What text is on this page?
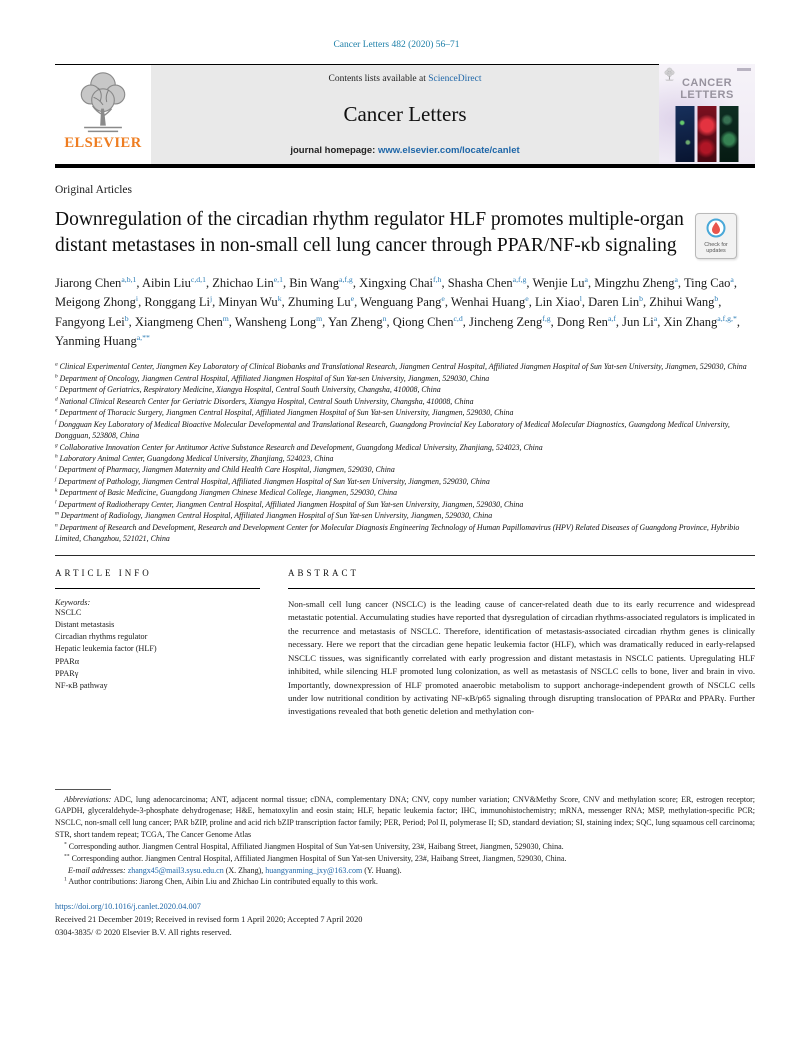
Cancer Letters 482 (2020) 56–71
ELSEVIER
Contents lists available at ScienceDirect
Cancer Letters
journal homepage: www.elsevier.com/locate/canlet
CANCER
LETTERS
Original Articles
Downregulation of the circadian rhythm regulator HLF promotes multiple-organ distant metastases in non-small cell lung cancer through PPAR/NF-κb signaling	Check for
updates
Jiarong Chen$^{a,b,1}$, Aibin Liu$^{c,d,1}$, Zhichao Lin$^{e,1}$, Bin Wang$^{a,f,g}$, Xingxing Chai$^{f,h}$, Shasha Chen$^{a,f,g}$, Wenjie Lu$^a$, Mingzhu Zheng$^a$, Ting Cao$^a$, Meigong Zhong$^i$, Ronggang Li$^j$, Minyan Wu$^k$, Zhuming Lu$^e$, Wenguang Pang$^e$, Wenhai Huang$^e$, Lin Xiao$^l$, Daren Lin$^b$, Zhihui Wang$^b$, Fangyong Lei$^b$, Xiangmeng Chen$^m$, Wansheng Long$^m$, Yan Zheng$^n$, Qiong Chen$^{c,d}$, Jincheng Zeng$^{f,g}$, Dong Ren$^{a,f}$, Jun Li$^a$, Xin Zhang$^{a,f,g,*}$, Yanming Huang$^{a,**}$
$^a$ Clinical Experimental Center, Jiangmen Key Laboratory of Clinical Biobanks and Translational Research, Jiangmen Central Hospital, Affiliated Jiangmen Hospital of Sun Yat-sen University, Jiangmen, 529030, China
$^b$ Department of Oncology, Jiangmen Central Hospital, Affiliated Jiangmen Hospital of Sun Yat-sen University, Jiangmen, 529030, China
$^c$ Department of Geriatrics, Respiratory Medicine, Xiangya Hospital, Central South University, Changsha, 410008, China
$^d$ National Clinical Research Center for Geriatric Disorders, Xiangya Hospital, Central South University, Changsha, 410008, China
$^e$ Department of Thoracic Surgery, Jiangmen Central Hospital, Affiliated Jiangmen Hospital of Sun Yat-sen University, Jiangmen, 529030, China
$^f$ Dongguan Key Laboratory of Medical Bioactive Molecular Developmental and Translational Research, Guangdong Provincial Key Laboratory of Medical Molecular Diagnostics, Guangdong Medical University, Dongguan, 523808, China
$^g$ Collaborative Innovation Center for Antitumor Active Substance Research and Development, Guangdong Medical University, Zhanjiang, 524023, China
$^h$ Laboratory Animal Center, Guangdong Medical University, Zhanjiang, 524023, China
$^i$ Department of Pharmacy, Jiangmen Maternity and Child Health Care Hospital, Jiangmen, 529030, China
$^j$ Department of Pathology, Jiangmen Central Hospital, Affiliated Jiangmen Hospital of Sun Yat-sen University, Jiangmen, 529030, China
$^k$ Department of Basic Medicine, Guangdong Jiangmen Chinese Medical College, Jiangmen, 529030, China
$^l$ Department of Radiotherapy Center, Jiangmen Central Hospital, Affiliated Jiangmen Hospital of Sun Yat-sen University, Jiangmen, 529030, China
$^m$ Department of Radiology, Jiangmen Central Hospital, Affiliated Jiangmen Hospital of Sun Yat-sen University, Jiangmen, 529030, China
$^n$ Department of Research and Development, Research and Development Center for Molecular Diagnosis Engineering Technology of Human Papillomavirus (HPV) Related Diseases of Guangdong Province, Hybribio Limited, Changzhou, 521021, China
ARTICLE INFO
Keywords:
NSCLC
Distant metastasis
Circadian rhythms regulator
Hepatic leukemia factor (HLF)
PPARα
PPARγ
NF-κB pathway
ABSTRACT
Non-small cell lung cancer (NSCLC) is the leading cause of cancer-related death due to its early recurrence and widespread metastatic potential. Accumulating studies have reported that dysregulation of circadian rhythms-associated regulators is implicated in the recurrence and metastasis of NSCLC. Therefore, identification of metastasis-associated circadian rhythm genes is clinically necessary. Here we report that the circadian gene hepatic leukemia factor (HLF), which was dramatically reduced in early-relapsed NSCLC tissues, was significantly correlated with early progression and distant metastasis in NSCLC patients. Upregulating HLF inhibited, while silencing HLF promoted lung colonization, as well as metastasis of NSCLC cells to bone, liver and brain in vivo. Importantly, downexpression of HLF promoted anaerobic metabolism to support anchorage-independent growth of NSCLC cells under low nutritional condition by activating NF-κB/p65 signaling through disrupting translocation of PPARα and PPARγ. Further investigations revealed that both genetic deletion and methylation con-
Abbreviations: ADC, lung adenocarcinoma; ANT, adjacent normal tissue; cDNA, complementary DNA; CNV, copy number variation; CNV&Methy Score, CNV and methylation score; ER, estrogen receptor; GAPDH, glyceraldehyde-3-phosphate dehydrogenase; H&E, hematoxylin and eosin stain; HLF, hepatic leukemia factor; IHC, immunohistochemistry; mRNA, messenger RNA; MSP, methylation-specific PCR; NSCLC, non-small cell lung cancer; PAR bZIP, proline and acid rich bZIP transcription factor family; PER, Period; Pol II, polymerase II; SD, standard deviation; SI, staining index; SQC, lung squamous cell carcinoma; STR, short tandem repeat; TCGA, The Cancer Genome Atlas
* Corresponding author. Jiangmen Central Hospital, Affiliated Jiangmen Hospital of Sun Yat-sen University, 23#, Haibang Street, Jiangmen, 529030, China.
** Corresponding author. Jiangmen Central Hospital, Affiliated Jiangmen Hospital of Sun Yat-sen University, 23#, Haibang Street, Jiangmen, 529030, China.
E-mail addresses: zhangx45@mail3.sysu.edu.cn (X. Zhang), huangyanming_jxy@163.com (Y. Huang).
$^1$ Author contributions: Jiarong Chen, Aibin Liu and Zhichao Lin contributed equally to this work.
https://doi.org/10.1016/j.canlet.2020.04.007
Received 21 December 2019; Received in revised form 1 April 2020; Accepted 7 April 2020
0304-3835/ © 2020 Elsevier B.V. All rights reserved.
